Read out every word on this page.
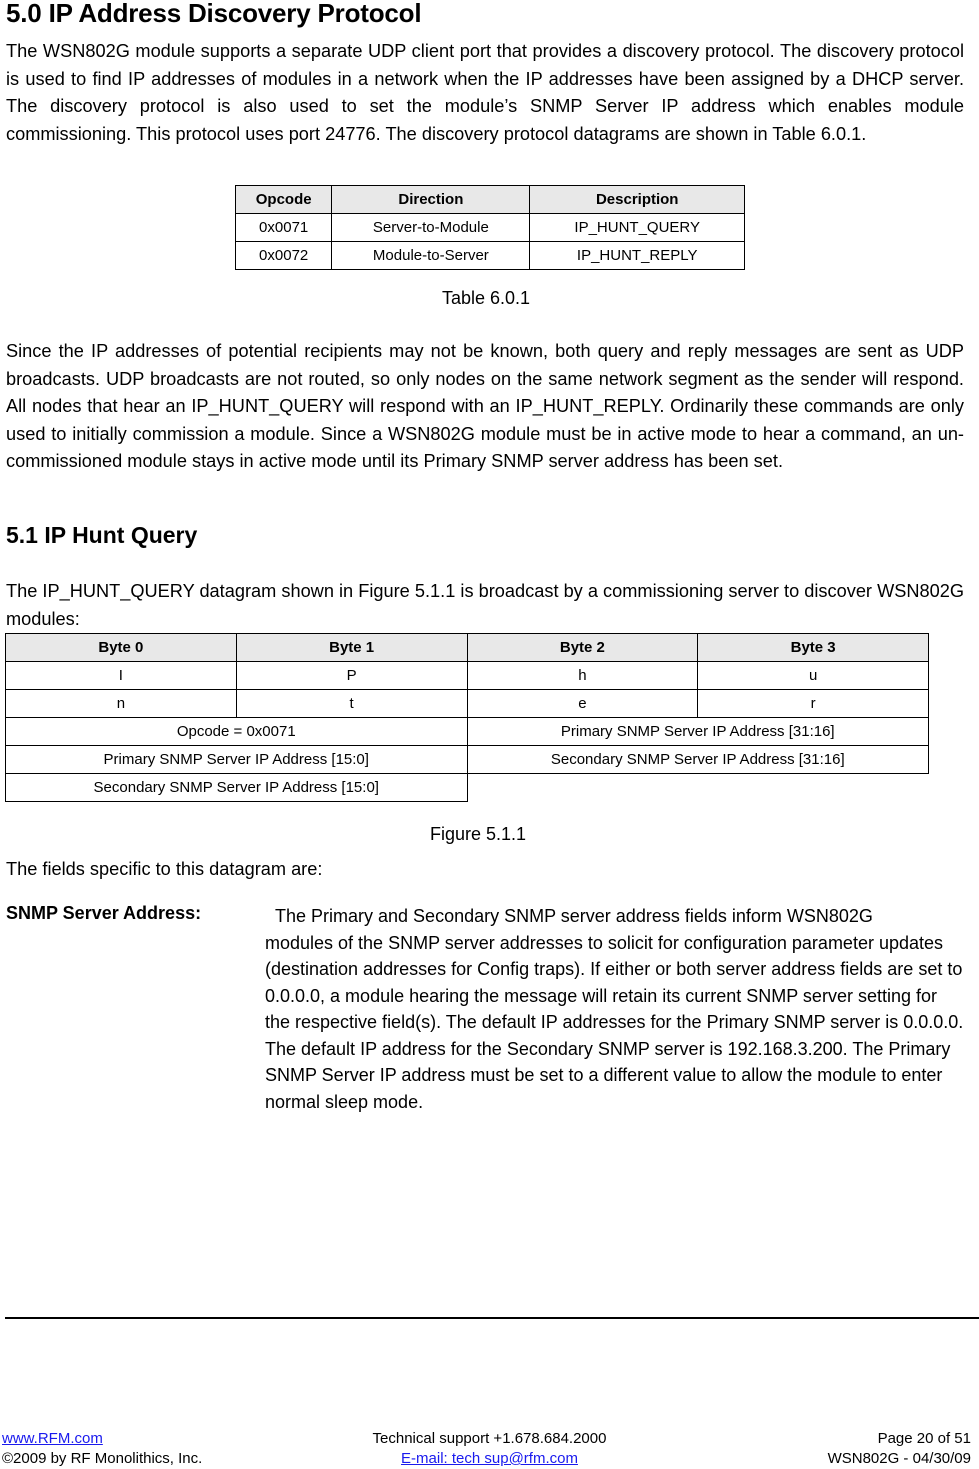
5.0 IP Address Discovery Protocol

The WSN802G module supports a separate UDP client port that provides a discovery protocol. The discovery protocol is used to find IP addresses of modules in a network when the IP addresses have been assigned by a DHCP server. The discovery protocol is also used to set the module’s SNMP Server IP address which enables module commissioning. This protocol uses port 24776. The discovery protocol datagrams are shown in Table 6.0.1.

Opcode	Direction	Description
0x0071	Server-to-Module	IP_HUNT_QUERY
0x0072	Module-to-Server	IP_HUNT_REPLY
Table 6.0.1

Since the IP addresses of potential recipients may not be known, both query and reply messages are sent as UDP broadcasts. UDP broadcasts are not routed, so only nodes on the same network segment as the sender will respond. All nodes that hear an IP_HUNT_QUERY will respond with an IP_HUNT_REPLY. Ordinarily these commands are only used to initially commission a module. Since a WSN802G module must be in active mode to hear a command, an un-commissioned module stays in active mode until its Primary SNMP server address has been set.

5.1 IP Hunt Query

The IP_HUNT_QUERY datagram shown in Figure 5.1.1 is broadcast by a commissioning server to discover WSN802G modules:

Byte 0	Byte 1	Byte 2	Byte 3
I	P	h	u
n	t	e	r
Opcode = 0x0071		Primary SNMP Server IP Address [31:16]	
Primary SNMP Server IP Address [15:0]		Secondary SNMP Server IP Address [31:16]	
Secondary SNMP Server IP Address [15:0]			
Figure 5.1.1

The fields specific to this datagram are:

SNMP Server Address:	The Primary and Secondary SNMP server address fields inform WSN802G
modules of the SNMP server addresses to solicit for configuration parameter updates (destination addresses for Config traps). If either or both server address fields are set to 0.0.0.0, a module hearing the message will retain its current SNMP server setting for the respective field(s). The default IP addresses for the Primary SNMP server is 0.0.0.0. The default IP address for the Secondary SNMP server is 192.168.3.200. The Primary SNMP Server IP address must be set to a different value to allow the module to enter normal sleep mode.

Technical support +1.678.684.2000
E-mail: tech sup@rfm.com
www.RFM.com
©2009 by RF Monolithics, Inc.
Page 20 of 51
WSN802G - 04/30/09
